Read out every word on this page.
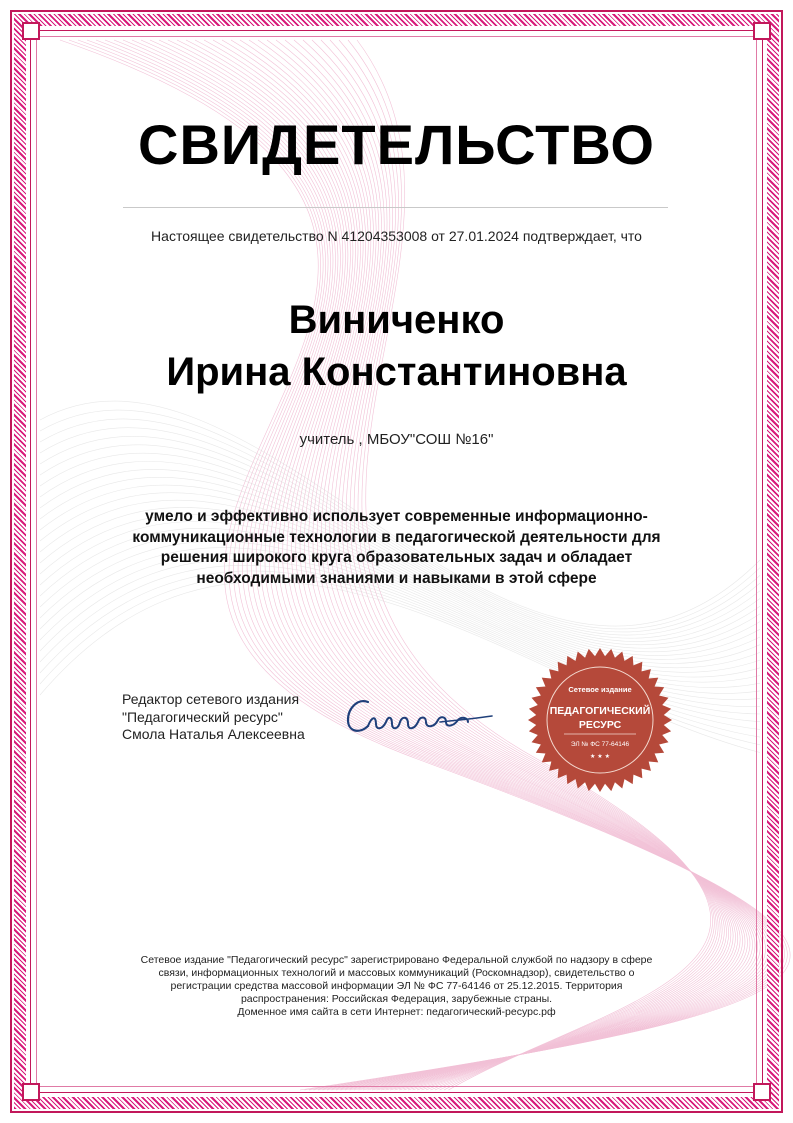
СВИДЕТЕЛЬСТВО
Настоящее свидетельство N 41204353008 от 27.01.2024 подтверждает, что
Виниченко
Ирина Константиновна
учитель , МБОУ"СОШ №16"
умело и эффективно использует современные информационно-коммуникационные технологии в педагогической деятельности для решения широкого круга образовательных задач и обладает необходимыми знаниями и навыками в этой сфере
Редактор сетевого издания
"Педагогический ресурс"
Смола Наталья Алексеевна
Сетевое издание
ПЕДАГОГИЧЕСКИЙ
РЕСУРС
ЭЛ № ФС 77-64146
★ ★ ★
Сетевое издание "Педагогический ресурс" зарегистрировано Федеральной службой по надзору в сфере
связи, информационных технологий и массовых коммуникаций (Роскомнадзор), свидетельство о
регистрации средства массовой информации ЭЛ № ФС 77-64146 от 25.12.2015. Территория
распространения: Российская Федерация, зарубежные страны.
Доменное имя сайта в сети Интернет: педагогический-ресурс.рф
